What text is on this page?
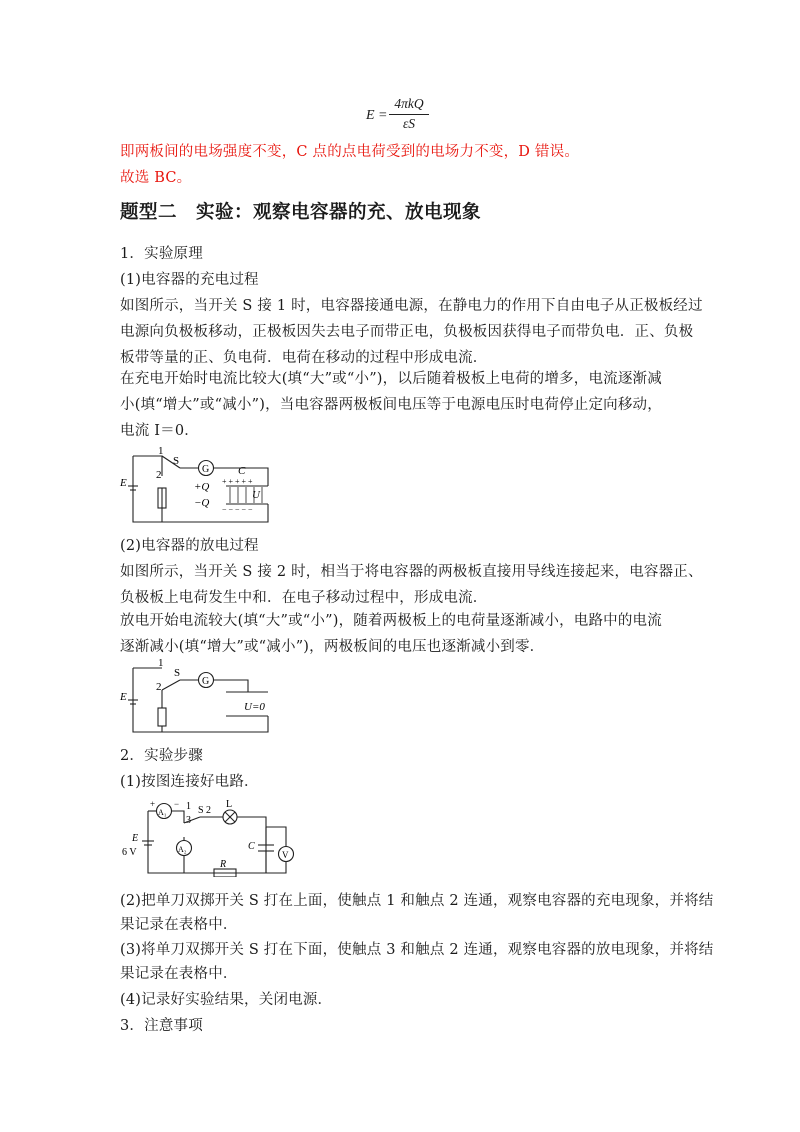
E =
4πkQ
εS
即两板间的电场强度不变，C 点的点电荷受到的电场力不变，D 错误。
故选 BC。
题型二　实验：观察电容器的充、放电现象
1．实验原理
(1)电容器的充电过程
如图所示，当开关 S 接 1 时，电容器接通电源，在静电力的作用下自由电子从正极板经过
电源向负极板移动，正极板因失去电子而带正电，负极板因获得电子而带负电．正、负极
板带等量的正、负电荷．电荷在移动的过程中形成电流．
在充电开始时电流比较大(填“大”或“小”)，以后随着极板上电荷的增多，电流逐渐减
小(填“增大”或“减小”)，当电容器两极板间电压等于电源电压时电荷停止定向移动，
电流 I＝0．
1
2
S
G	C
+Q
−Q
U
E	+ + + + +
− − − − −
(2)电容器的放电过程
如图所示，当开关 S 接 2 时，相当于将电容器的两极板直接用导线连接起来，电容器正、
负极板上电荷发生中和．在电子移动过程中，形成电流．
放电开始电流较大(填“大”或“小”)，随着两极板上的电荷量逐渐减小，电路中的电流
逐渐减小(填“增大”或“减小”)，两极板间的电压也逐渐减小到零．
1
2
S
G
U=0
E
2．实验步骤
(1)按图连接好电路．
A₁
A₂
+ − 1
3
S 2
L
E
6 V
C
R
V
(2)把单刀双掷开关 S 打在上面，使触点 1 和触点 2 连通，观察电容器的充电现象，并将结
果记录在表格中．
(3)将单刀双掷开关 S 打在下面，使触点 3 和触点 2 连通，观察电容器的放电现象，并将结
果记录在表格中．
(4)记录好实验结果，关闭电源．
3．注意事项
